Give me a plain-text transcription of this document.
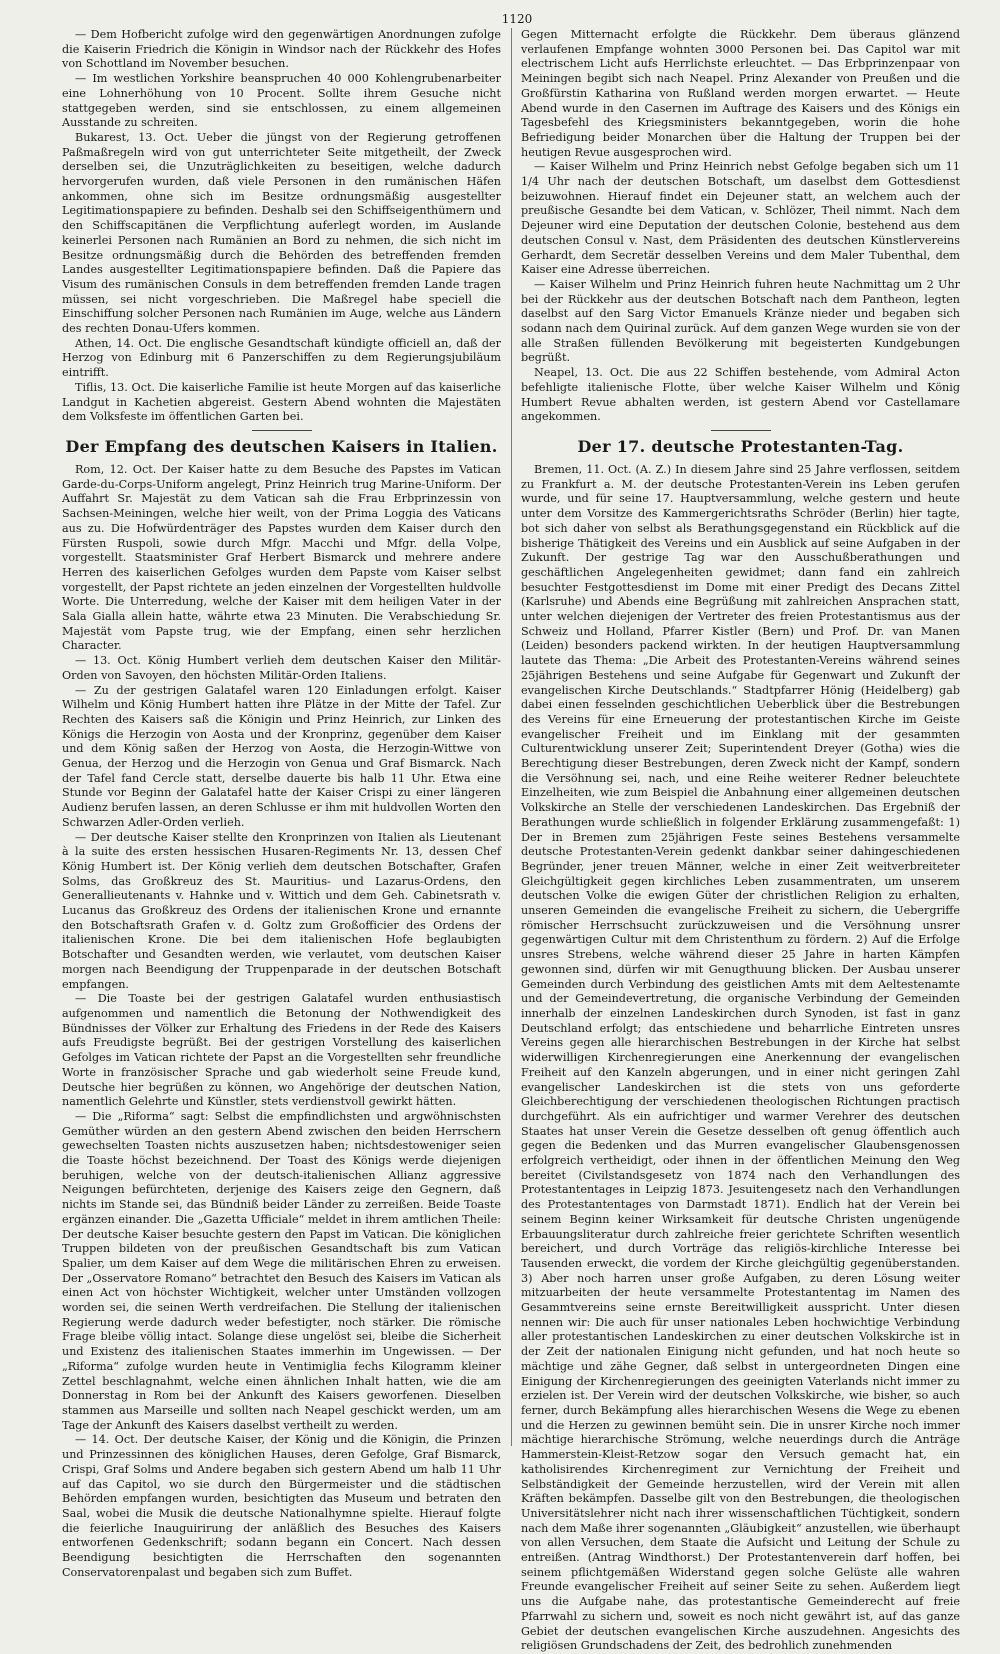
1120

— Dem Hofbericht zufolge wird den gegenwärtigen Anordnungen zufolge die Kaiserin Friedrich die Königin in Windsor nach der Rückkehr des Hofes von Schottland im November besuchen.

— Im westlichen Yorkshire beanspruchen 40 000 Kohlengrubenarbeiter eine Lohnerhöhung von 10 Procent. Sollte ihrem Gesuche nicht stattgegeben werden, sind sie entschlossen, zu einem allgemeinen Ausstande zu schreiten.

Bukarest, 13. Oct. Ueber die jüngst von der Regierung getroffenen Paßmaßregeln wird von gut unterrichteter Seite mitgetheilt, der Zweck derselben sei, die Unzuträglichkeiten zu beseitigen, welche dadurch hervorgerufen wurden, daß viele Personen in den rumänischen Häfen ankommen, ohne sich im Besitze ordnungsmäßig ausgestellter Legitimationspapiere zu befinden. Deshalb sei den Schiffseigenthümern und den Schiffscapitänen die Verpflichtung auferlegt worden, im Auslande keinerlei Personen nach Rumänien an Bord zu nehmen, die sich nicht im Besitze ordnungsmäßig durch die Behörden des betreffenden fremden Landes ausgestellter Legitimationspapiere befinden. Daß die Papiere das Visum des rumänischen Consuls in dem betreffenden fremden Lande tragen müssen, sei nicht vorgeschrieben. Die Maßregel habe speciell die Einschiffung solcher Personen nach Rumänien im Auge, welche aus Ländern des rechten Donau-Ufers kommen.

Athen, 14. Oct. Die englische Gesandtschaft kündigte officiell an, daß der Herzog von Edinburg mit 6 Panzerschiffen zu dem Regierungsjubiläum eintrifft.

Tiflis, 13. Oct. Die kaiserliche Familie ist heute Morgen auf das kaiserliche Landgut in Kachetien abgereist. Gestern Abend wohnten die Majestäten dem Volksfeste im öffentlichen Garten bei.

Der Empfang des deutschen Kaisers in Italien.

Rom, 12. Oct. Der Kaiser hatte zu dem Besuche des Papstes im Vatican Garde-du-Corps-Uniform angelegt, Prinz Heinrich trug Marine-Uniform. Der Auffahrt Sr. Majestät zu dem Vatican sah die Frau Erbprinzessin von Sachsen-Meiningen, welche hier weilt, von der Prima Loggia des Vaticans aus zu. Die Hofwürdenträger des Papstes wurden dem Kaiser durch den Fürsten Ruspoli, sowie durch Mfgr. Macchi und Mfgr. della Volpe, vorgestellt. Staatsminister Graf Herbert Bismarck und mehrere andere Herren des kaiserlichen Gefolges wurden dem Papste vom Kaiser selbst vorgestellt, der Papst richtete an jeden einzelnen der Vorgestellten huldvolle Worte. Die Unterredung, welche der Kaiser mit dem heiligen Vater in der Sala Gialla allein hatte, währte etwa 23 Minuten. Die Verabschiedung Sr. Majestät vom Papste trug, wie der Empfang, einen sehr herzlichen Character.

— 13. Oct. König Humbert verlieh dem deutschen Kaiser den Militär-Orden von Savoyen, den höchsten Militär-Orden Italiens.

— Zu der gestrigen Galatafel waren 120 Einladungen erfolgt. Kaiser Wilhelm und König Humbert hatten ihre Plätze in der Mitte der Tafel. Zur Rechten des Kaisers saß die Königin und Prinz Heinrich, zur Linken des Königs die Herzogin von Aosta und der Kronprinz, gegenüber dem Kaiser und dem König saßen der Herzog von Aosta, die Herzogin-Wittwe von Genua, der Herzog und die Herzogin von Genua und Graf Bismarck. Nach der Tafel fand Cercle statt, derselbe dauerte bis halb 11 Uhr. Etwa eine Stunde vor Beginn der Galatafel hatte der Kaiser Crispi zu einer längeren Audienz berufen lassen, an deren Schlusse er ihm mit huldvollen Worten den Schwarzen Adler-Orden verlieh.

— Der deutsche Kaiser stellte den Kronprinzen von Italien als Lieutenant à la suite des ersten hessischen Husaren-Regiments Nr. 13, dessen Chef König Humbert ist. Der König verlieh dem deutschen Botschafter, Grafen Solms, das Großkreuz des St. Mauritius- und Lazarus-Ordens, den Generallieutenants v. Hahnke und v. Wittich und dem Geh. Cabinetsrath v. Lucanus das Großkreuz des Ordens der italienischen Krone und ernannte den Botschaftsrath Grafen v. d. Goltz zum Großofficier des Ordens der italienischen Krone. Die bei dem italienischen Hofe beglaubigten Botschafter und Gesandten werden, wie verlautet, vom deutschen Kaiser morgen nach Beendigung der Truppenparade in der deutschen Botschaft empfangen.

— Die Toaste bei der gestrigen Galatafel wurden enthusiastisch aufgenommen und namentlich die Betonung der Nothwendigkeit des Bündnisses der Völker zur Erhaltung des Friedens in der Rede des Kaisers aufs Freudigste begrüßt. Bei der gestrigen Vorstellung des kaiserlichen Gefolges im Vatican richtete der Papst an die Vorgestellten sehr freundliche Worte in französischer Sprache und gab wiederholt seine Freude kund, Deutsche hier begrüßen zu können, wo Angehörige der deutschen Nation, namentlich Gelehrte und Künstler, stets verdienstvoll gewirkt hätten.

— Die „Riforma“ sagt: Selbst die empfindlichsten und argwöhnischsten Gemüther würden an den gestern Abend zwischen den beiden Herrschern gewechselten Toasten nichts auszusetzen haben; nichtsdestoweniger seien die Toaste höchst bezeichnend. Der Toast des Königs werde diejenigen beruhigen, welche von der deutsch-italienischen Allianz aggressive Neigungen befürchteten, derjenige des Kaisers zeige den Gegnern, daß nichts im Stande sei, das Bündniß beider Länder zu zerreißen. Beide Toaste ergänzen einander. Die „Gazetta Ufficiale“ meldet in ihrem amtlichen Theile: Der deutsche Kaiser besuchte gestern den Papst im Vatican. Die königlichen Truppen bildeten von der preußischen Gesandtschaft bis zum Vatican Spalier, um dem Kaiser auf dem Wege die militärischen Ehren zu erweisen. Der „Osservatore Romano“ betrachtet den Besuch des Kaisers im Vatican als einen Act von höchster Wichtigkeit, welcher unter Umständen vollzogen worden sei, die seinen Werth verdreifachen. Die Stellung der italienischen Regierung werde dadurch weder befestigter, noch stärker. Die römische Frage bleibe völlig intact. Solange diese ungelöst sei, bleibe die Sicherheit und Existenz des italienischen Staates immerhin im Ungewissen. — Der „Riforma“ zufolge wurden heute in Ventimiglia fechs Kilogramm kleiner Zettel beschlagnahmt, welche einen ähnlichen Inhalt hatten, wie die am Donnerstag in Rom bei der Ankunft des Kaisers geworfenen. Dieselben stammen aus Marseille und sollten nach Neapel geschickt werden, um am Tage der Ankunft des Kaisers daselbst vertheilt zu werden.

— 14. Oct. Der deutsche Kaiser, der König und die Königin, die Prinzen und Prinzessinnen des königlichen Hauses, deren Gefolge, Graf Bismarck, Crispi, Graf Solms und Andere begaben sich gestern Abend um halb 11 Uhr auf das Capitol, wo sie durch den Bürgermeister und die städtischen Behörden empfangen wurden, besichtigten das Museum und betraten den Saal, wobei die Musik die deutsche Nationalhymne spielte. Hierauf folgte die feierliche Inauguirirung der anläßlich des Besuches des Kaisers entworfenen Gedenkschrift; sodann begann ein Concert. Nach dessen Beendigung besichtigten die Herrschaften den sogenannten Conservatorenpalast und begaben sich zum Buffet.

Gegen Mitternacht erfolgte die Rückkehr. Dem überaus glänzend verlaufenen Empfange wohnten 3000 Personen bei. Das Capitol war mit electrischem Licht aufs Herrlichste erleuchtet. — Das Erbprinzenpaar von Meiningen begibt sich nach Neapel. Prinz Alexander von Preußen und die Großfürstin Katharina von Rußland werden morgen erwartet. — Heute Abend wurde in den Casernen im Auftrage des Kaisers und des Königs ein Tagesbefehl des Kriegsministers bekanntgegeben, worin die hohe Befriedigung beider Monarchen über die Haltung der Truppen bei der heutigen Revue ausgesprochen wird.

— Kaiser Wilhelm und Prinz Heinrich nebst Gefolge begaben sich um 11 1/4 Uhr nach der deutschen Botschaft, um daselbst dem Gottesdienst beizuwohnen. Hierauf findet ein Dejeuner statt, an welchem auch der preußische Gesandte bei dem Vatican, v. Schlözer, Theil nimmt. Nach dem Dejeuner wird eine Deputation der deutschen Colonie, bestehend aus dem deutschen Consul v. Nast, dem Präsidenten des deutschen Künstlervereins Gerhardt, dem Secretär desselben Vereins und dem Maler Tubenthal, dem Kaiser eine Adresse überreichen.

— Kaiser Wilhelm und Prinz Heinrich fuhren heute Nachmittag um 2 Uhr bei der Rückkehr aus der deutschen Botschaft nach dem Pantheon, legten daselbst auf den Sarg Victor Emanuels Kränze nieder und begaben sich sodann nach dem Quirinal zurück. Auf dem ganzen Wege wurden sie von der alle Straßen füllenden Bevölkerung mit begeisterten Kundgebungen begrüßt.

Neapel, 13. Oct. Die aus 22 Schiffen bestehende, vom Admiral Acton befehligte italienische Flotte, über welche Kaiser Wilhelm und König Humbert Revue abhalten werden, ist gestern Abend vor Castellamare angekommen.

Der 17. deutsche Protestanten-Tag.

Bremen, 11. Oct. (A. Z.) In diesem Jahre sind 25 Jahre verflossen, seitdem zu Frankfurt a. M. der deutsche Protestanten-Verein ins Leben gerufen wurde, und für seine 17. Hauptversammlung, welche gestern und heute unter dem Vorsitze des Kammergerichtsraths Schröder (Berlin) hier tagte, bot sich daher von selbst als Berathungsgegenstand ein Rückblick auf die bisherige Thätigkeit des Vereins und ein Ausblick auf seine Aufgaben in der Zukunft. Der gestrige Tag war den Ausschußberathungen und geschäftlichen Angelegenheiten gewidmet; dann fand ein zahlreich besuchter Festgottesdienst im Dome mit einer Predigt des Decans Zittel (Karlsruhe) und Abends eine Begrüßung mit zahlreichen Ansprachen statt, unter welchen diejenigen der Vertreter des freien Protestantismus aus der Schweiz und Holland, Pfarrer Kistler (Bern) und Prof. Dr. van Manen (Leiden) besonders packend wirkten. In der heutigen Hauptversammlung lautete das Thema: „Die Arbeit des Protestanten-Vereins während seines 25jährigen Bestehens und seine Aufgabe für Gegenwart und Zukunft der evangelischen Kirche Deutschlands.“ Stadtpfarrer Hönig (Heidelberg) gab dabei einen fesselnden geschichtlichen Ueberblick über die Bestrebungen des Vereins für eine Erneuerung der protestantischen Kirche im Geiste evangelischer Freiheit und im Einklang mit der gesammten Culturentwicklung unserer Zeit; Superintendent Dreyer (Gotha) wies die Berechtigung dieser Bestrebungen, deren Zweck nicht der Kampf, sondern die Versöhnung sei, nach, und eine Reihe weiterer Redner beleuchtete Einzelheiten, wie zum Beispiel die Anbahnung einer allgemeinen deutschen Volkskirche an Stelle der verschiedenen Landeskirchen. Das Ergebniß der Berathungen wurde schließlich in folgender Erklärung zusammengefaßt: 1) Der in Bremen zum 25jährigen Feste seines Bestehens versammelte deutsche Protestanten-Verein gedenkt dankbar seiner dahingeschiedenen Begründer, jener treuen Männer, welche in einer Zeit weitverbreiteter Gleichgültigkeit gegen kirchliches Leben zusammentraten, um unserem deutschen Volke die ewigen Güter der christlichen Religion zu erhalten, unseren Gemeinden die evangelische Freiheit zu sichern, die Uebergriffe römischer Herrschsucht zurückzuweisen und die Versöhnung unsrer gegenwärtigen Cultur mit dem Christenthum zu fördern. 2) Auf die Erfolge unsres Strebens, welche während dieser 25 Jahre in harten Kämpfen gewonnen sind, dürfen wir mit Genugthuung blicken. Der Ausbau unserer Gemeinden durch Verbindung des geistlichen Amts mit dem Aeltestenamte und der Gemeindevertretung, die organische Verbindung der Gemeinden innerhalb der einzelnen Landeskirchen durch Synoden, ist fast in ganz Deutschland erfolgt; das entschiedene und beharrliche Eintreten unsres Vereins gegen alle hierarchischen Bestrebungen in der Kirche hat selbst widerwilligen Kirchenregierungen eine Anerkennung der evangelischen Freiheit auf den Kanzeln abgerungen, und in einer nicht geringen Zahl evangelischer Landeskirchen ist die stets von uns geforderte Gleichberechtigung der verschiedenen theologischen Richtungen practisch durchgeführt. Als ein aufrichtiger und warmer Verehrer des deutschen Staates hat unser Verein die Gesetze desselben oft genug öffentlich auch gegen die Bedenken und das Murren evangelischer Glaubensgenossen erfolgreich vertheidigt, oder ihnen in der öffentlichen Meinung den Weg bereitet (Civilstandsgesetz von 1874 nach den Verhandlungen des Protestantentages in Leipzig 1873. Jesuitengesetz nach den Verhandlungen des Protestantentages von Darmstadt 1871). Endlich hat der Verein bei seinem Beginn keiner Wirksamkeit für deutsche Christen ungenügende Erbauungsliteratur durch zahlreiche freier gerichtete Schriften wesentlich bereichert, und durch Vorträge das religiös-kirchliche Interesse bei Tausenden erweckt, die vordem der Kirche gleichgültig gegenüberstanden. 3) Aber noch harren unser große Aufgaben, zu deren Lösung weiter mitzuarbeiten der heute versammelte Protestantentag im Namen des Gesammtvereins seine ernste Bereitwilligkeit ausspricht. Unter diesen nennen wir: Die auch für unser nationales Leben hochwichtige Verbindung aller protestantischen Landeskirchen zu einer deutschen Volkskirche ist in der Zeit der nationalen Einigung nicht gefunden, und hat noch heute so mächtige und zähe Gegner, daß selbst in untergeordneten Dingen eine Einigung der Kirchenregierungen des geeinigten Vaterlands nicht immer zu erzielen ist. Der Verein wird der deutschen Volkskirche, wie bisher, so auch ferner, durch Bekämpfung alles hierarchischen Wesens die Wege zu ebenen und die Herzen zu gewinnen bemüht sein. Die in unsrer Kirche noch immer mächtige hierarchische Strömung, welche neuerdings durch die Anträge Hammerstein-Kleist-Retzow sogar den Versuch gemacht hat, ein katholisirendes Kirchenregiment zur Vernichtung der Freiheit und Selbständigkeit der Gemeinde herzustellen, wird der Verein mit allen Kräften bekämpfen. Dasselbe gilt von den Bestrebungen, die theologischen Universitätslehrer nicht nach ihrer wissenschaftlichen Tüchtigkeit, sondern nach dem Maße ihrer sogenannten „Gläubigkeit“ anzustellen, wie überhaupt von allen Versuchen, dem Staate die Aufsicht und Leitung der Schule zu entreißen. (Antrag Windthorst.) Der Protestantenverein darf hoffen, bei seinem pflichtgemäßen Widerstand gegen solche Gelüste alle wahren Freunde evangelischer Freiheit auf seiner Seite zu sehen. Außerdem liegt uns die Aufgabe nahe, das protestantische Gemeinderecht auf freie Pfarrwahl zu sichern und, soweit es noch nicht gewährt ist, auf das ganze Gebiet der deutschen evangelischen Kirche auszudehnen. Angesichts des religiösen Grundschadens der Zeit, des bedrohlich zunehmenden
